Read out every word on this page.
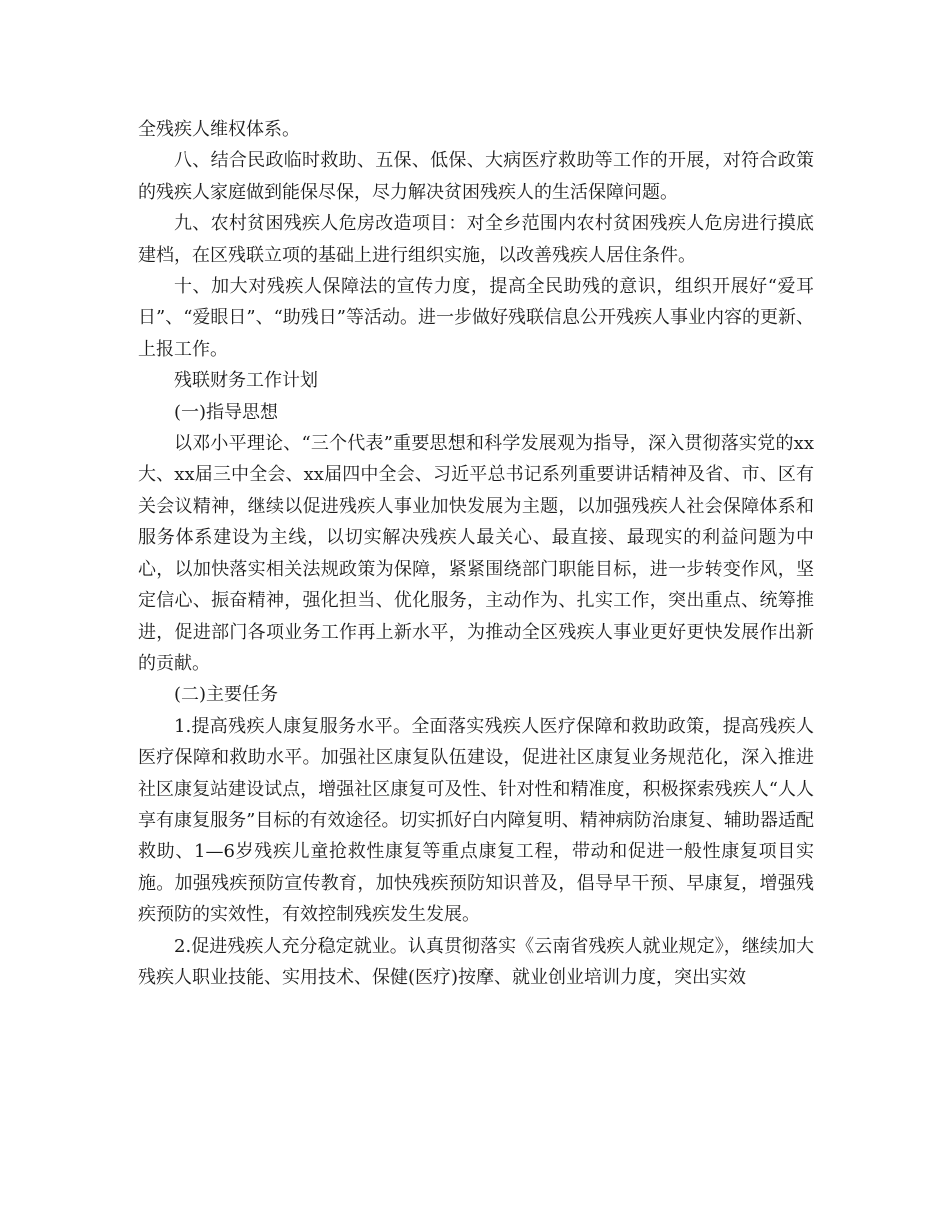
全残疾人维权体系。

八、结合民政临时救助、五保、低保、大病医疗救助等工作的开展，对符合政策的残疾人家庭做到能保尽保，尽力解决贫困残疾人的生活保障问题。

九、农村贫困残疾人危房改造项目：对全乡范围内农村贫困残疾人危房进行摸底建档，在区残联立项的基础上进行组织实施，以改善残疾人居住条件。

十、加大对残疾人保障法的宣传力度，提高全民助残的意识，组织开展好“爱耳日”、“爱眼日”、“助残日”等活动。进一步做好残联信息公开残疾人事业内容的更新、上报工作。

残联财务工作计划

(一)指导思想

以邓小平理论、“三个代表”重要思想和科学发展观为指导，深入贯彻落实党的xx大、xx届三中全会、xx届四中全会、习近平总书记系列重要讲话精神及省、市、区有关会议精神，继续以促进残疾人事业加快发展为主题，以加强残疾人社会保障体系和服务体系建设为主线，以切实解决残疾人最关心、最直接、最现实的利益问题为中心，以加快落实相关法规政策为保障，紧紧围绕部门职能目标，进一步转变作风，坚定信心、振奋精神，强化担当、优化服务，主动作为、扎实工作，突出重点、统筹推进，促进部门各项业务工作再上新水平，为推动全区残疾人事业更好更快发展作出新的贡献。

(二)主要任务

1.提高残疾人康复服务水平。全面落实残疾人医疗保障和救助政策，提高残疾人医疗保障和救助水平。加强社区康复队伍建设，促进社区康复业务规范化，深入推进社区康复站建设试点，增强社区康复可及性、针对性和精准度，积极探索残疾人“人人享有康复服务”目标的有效途径。切实抓好白内障复明、精神病防治康复、辅助器适配救助、1—6岁残疾儿童抢救性康复等重点康复工程，带动和促进一般性康复项目实施。加强残疾预防宣传教育，加快残疾预防知识普及，倡导早干预、早康复，增强残疾预防的实效性，有效控制残疾发生发展。

2.促进残疾人充分稳定就业。认真贯彻落实《云南省残疾人就业规定》，继续加大残疾人职业技能、实用技术、保健(医疗)按摩、就业创业培训力度，突出实效
